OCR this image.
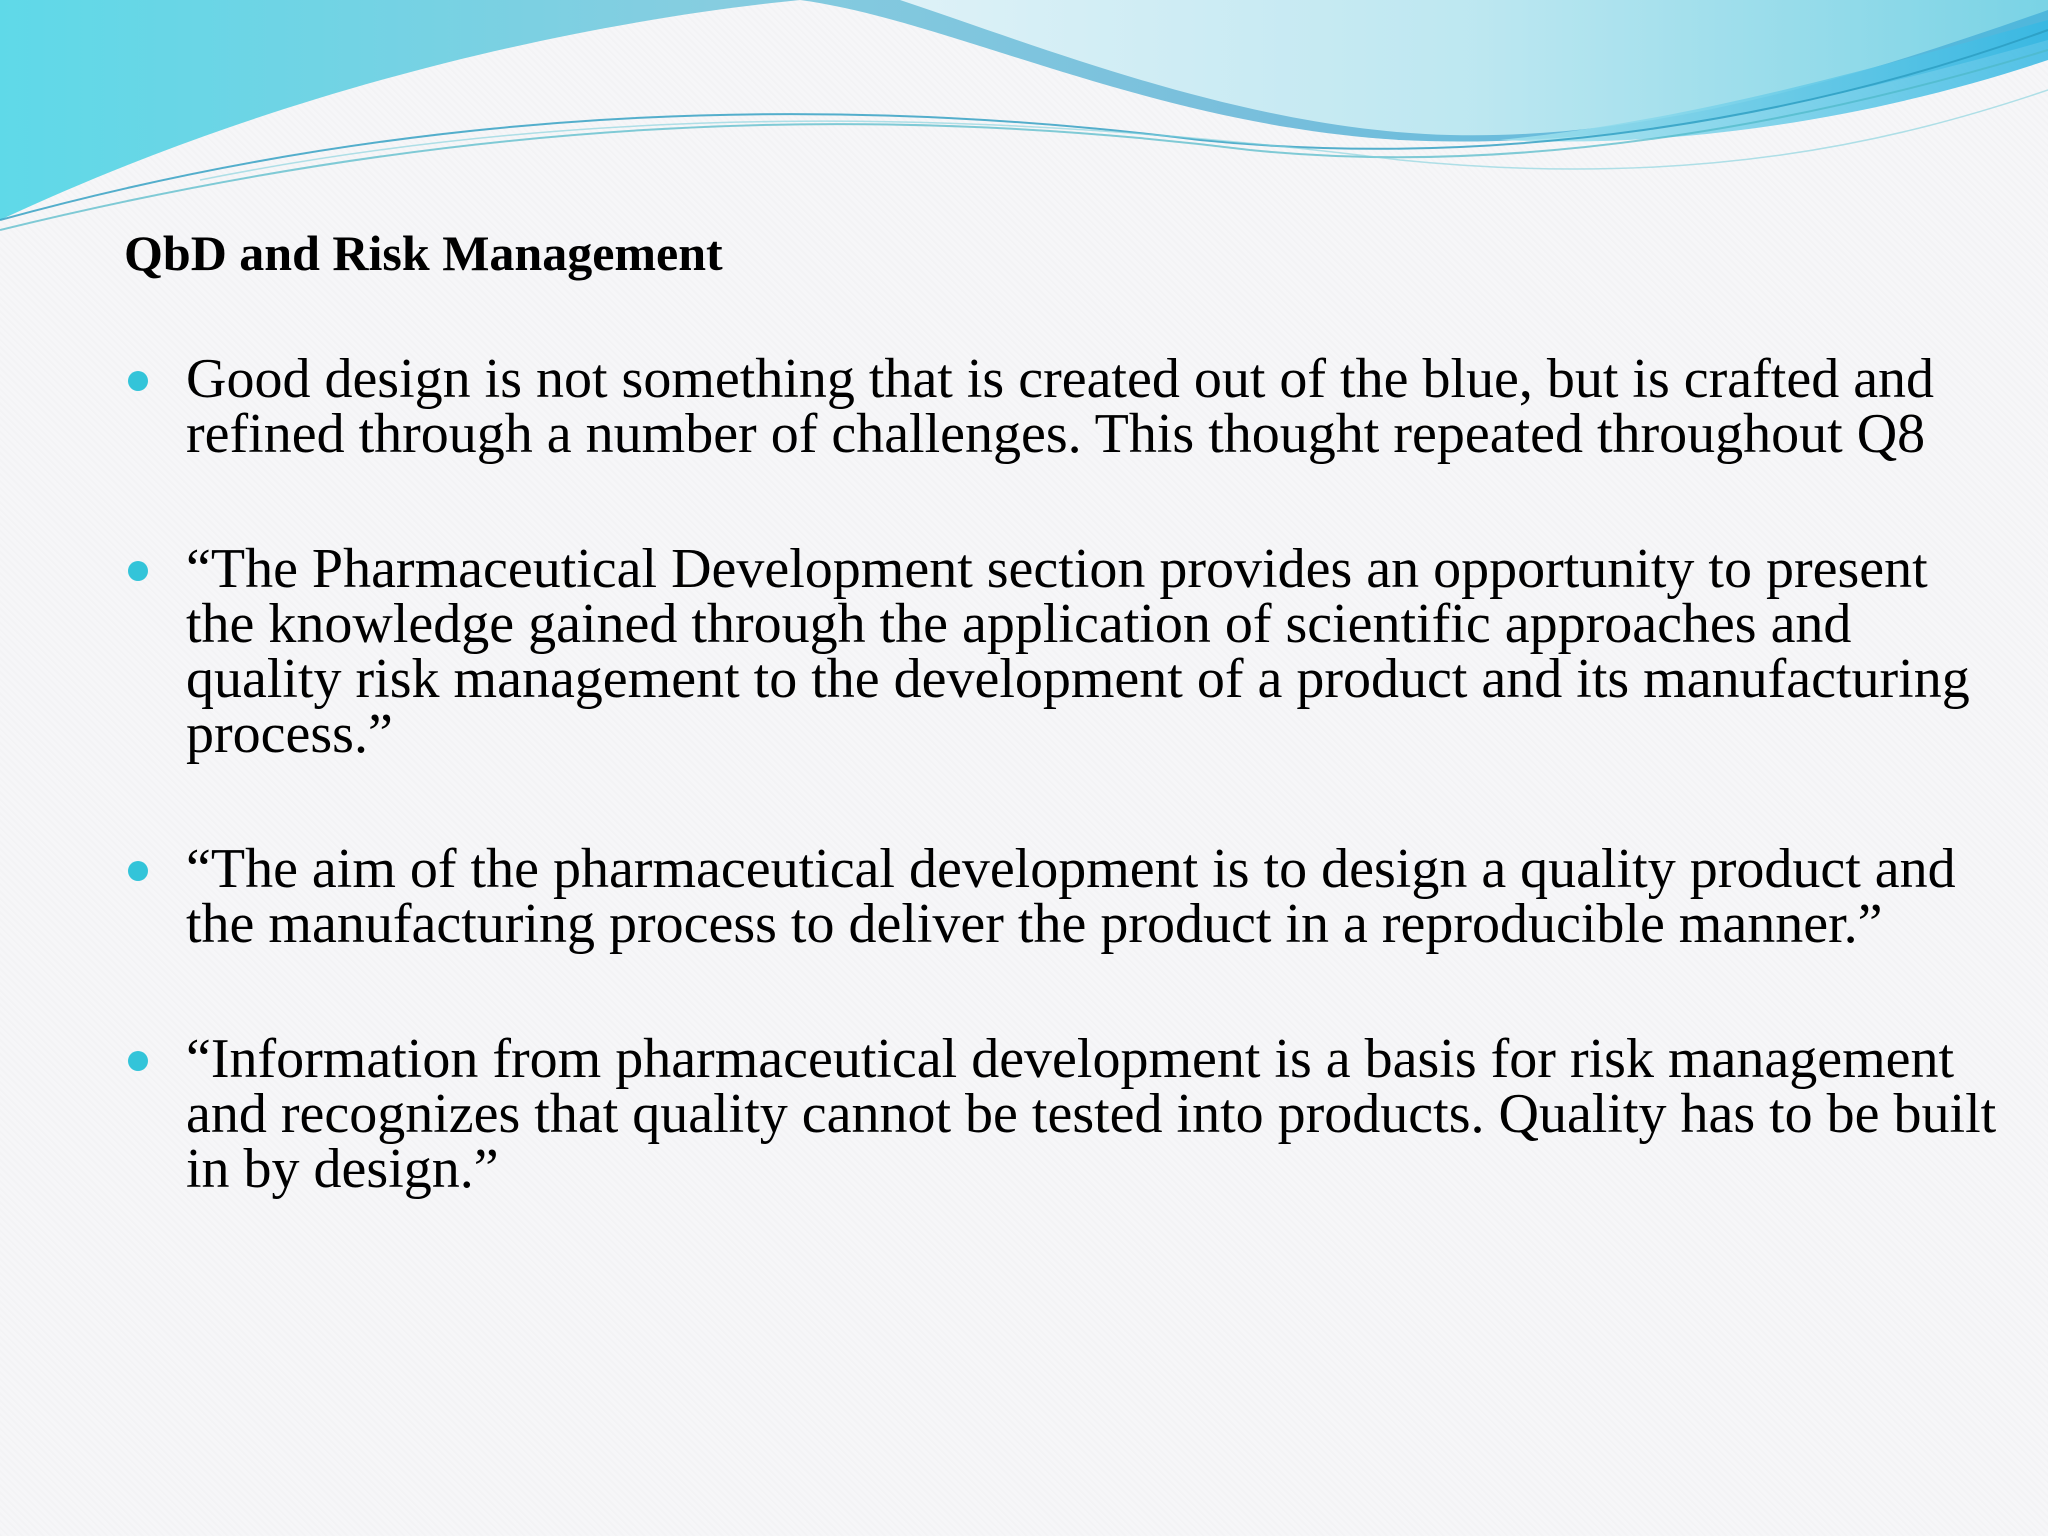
QbD and Risk Management
Good design is not something that is created out of the blue, but is crafted and refined through a number of challenges. This thought repeated throughout Q8
“The Pharmaceutical Development section provides an opportunity to present the knowledge gained through the application of scientific approaches and quality risk management to the development of a product and its manufacturing process.”
“The aim of the pharmaceutical development is to design a quality product and the manufacturing process to deliver the product in a reproducible manner.”
“Information from pharmaceutical development is a basis for risk management and recognizes that quality cannot be tested into products. Quality has to be built in by design.”
